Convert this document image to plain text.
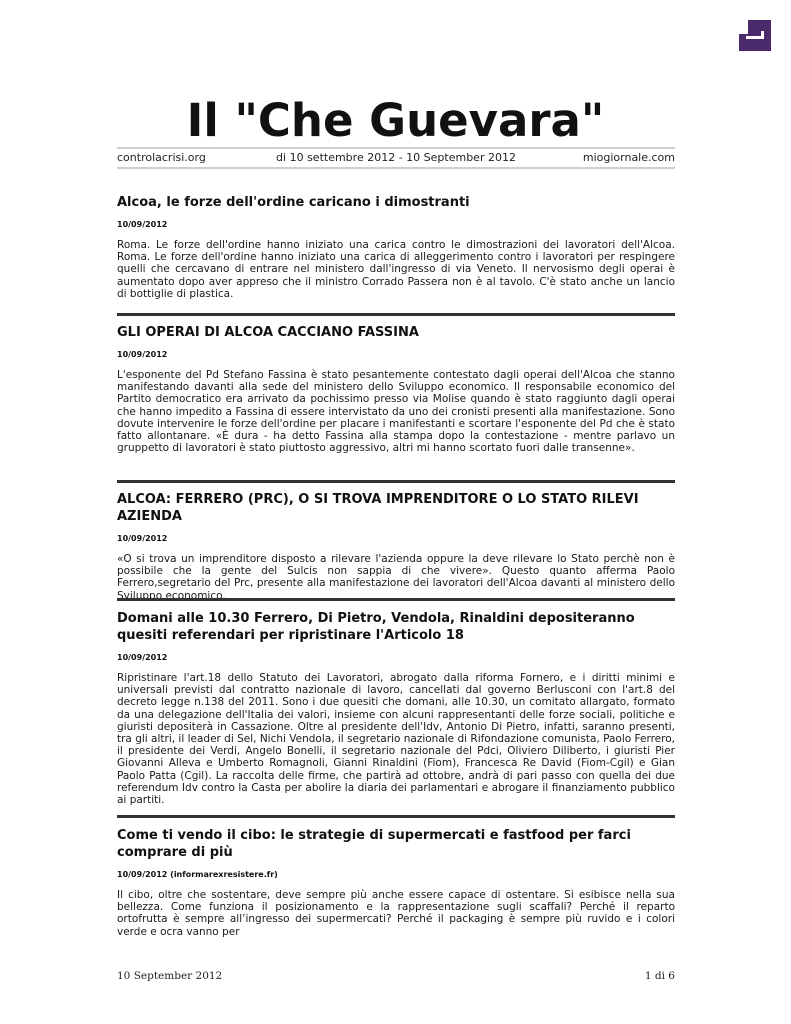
Il "Che Guevara"
controlacrisi.org	di 10 settembre 2012 - 10 September 2012	miogiornale.com
Alcoa, le forze dell'ordine caricano i dimostranti

10/09/2012

Roma. Le forze dell'ordine hanno iniziato una carica contro le dimostrazioni dei lavoratori dell'Alcoa. Roma. Le forze dell'ordine hanno iniziato una carica di alleggerimento contro i lavoratori per respingere quelli che cercavano di entrare nel ministero dall'ingresso di via Veneto. Il nervosismo degli operai è aumentato dopo aver appreso che il ministro Corrado Passera non è al tavolo. C'è stato anche un lancio di bottiglie di plastica.

GLI OPERAI DI ALCOA CACCIANO FASSINA

10/09/2012

L'esponente del Pd Stefano Fassina è stato pesantemente contestato dagli operai dell'Alcoa che stanno manifestando davanti alla sede del ministero dello Sviluppo economico. Il responsabile economico del Partito democratico era arrivato da pochissimo presso via Molise quando è stato raggiunto dagli operai che hanno impedito a Fassina di essere intervistato da uno dei cronisti presenti alla manifestazione. Sono dovute intervenire le forze dell'ordine per placare i manifestanti e scortare l'esponente del Pd che è stato fatto allontanare. «È dura - ha detto Fassina alla stampa dopo la contestazione - mentre parlavo un gruppetto di lavoratori è stato piuttosto aggressivo, altri mi hanno scortato fuori dalle transenne».

ALCOA: FERRERO (PRC), O SI TROVA IMPRENDITORE O LO STATO RILEVI AZIENDA

10/09/2012

«O si trova un imprenditore disposto a rilevare l'azienda oppure la deve rilevare lo Stato perchè non è possibile che la gente del Sulcis non sappia di che vivere». Questo quanto afferma Paolo Ferrero,segretario del Prc, presente alla manifestazione dei lavoratori dell'Alcoa davanti al ministero dello Sviluppo economico.

Domani alle 10.30 Ferrero, Di Pietro, Vendola, Rinaldini depositeranno quesiti referendari per ripristinare l'Articolo 18

10/09/2012

Ripristinare l'art.18 dello Statuto dei Lavoratori, abrogato dalla riforma Fornero, e i diritti minimi e universali previsti dal contratto nazionale di lavoro, cancellati dal governo Berlusconi con l'art.8 del decreto legge n.138 del 2011. Sono i due quesiti che domani, alle 10.30, un comitato allargato, formato da una delegazione dell'Italia dei valori, insieme con alcuni rappresentanti delle forze sociali, politiche e giuristi depositerà in Cassazione. Oltre al presidente dell'Idv, Antonio Di Pietro, infatti, saranno presenti, tra gli altri, il leader di Sel, Nichi Vendola, il segretario nazionale di Rifondazione comunista, Paolo Ferrero, il presidente dei Verdi, Angelo Bonelli, il segretario nazionale del Pdci, Oliviero Diliberto, i giuristi Pier Giovanni Alleva e Umberto Romagnoli, Gianni Rinaldini (Fiom), Francesca Re David (Fiom-Cgil) e Gian Paolo Patta (Cgil). La raccolta delle firme, che partirà ad ottobre, andrà di pari passo con quella dei due referendum Idv contro la Casta per abolire la diaria dei parlamentari e abrogare il finanziamento pubblico ai partiti.

Come ti vendo il cibo: le strategie di supermercati e fastfood per farci comprare di più

10/09/2012 (informarexresistere.fr)

Il cibo, oltre che sostentare, deve sempre più anche essere capace di ostentare. Si esibisce nella sua bellezza. Come funziona il posizionamento e la rappresentazione sugli scaffali? Perché il reparto ortofrutta è sempre all’ingresso dei supermercati? Perché il packaging è sempre più ruvido e i colori verde e ocra vanno per

10 September 2012	1 di 6
